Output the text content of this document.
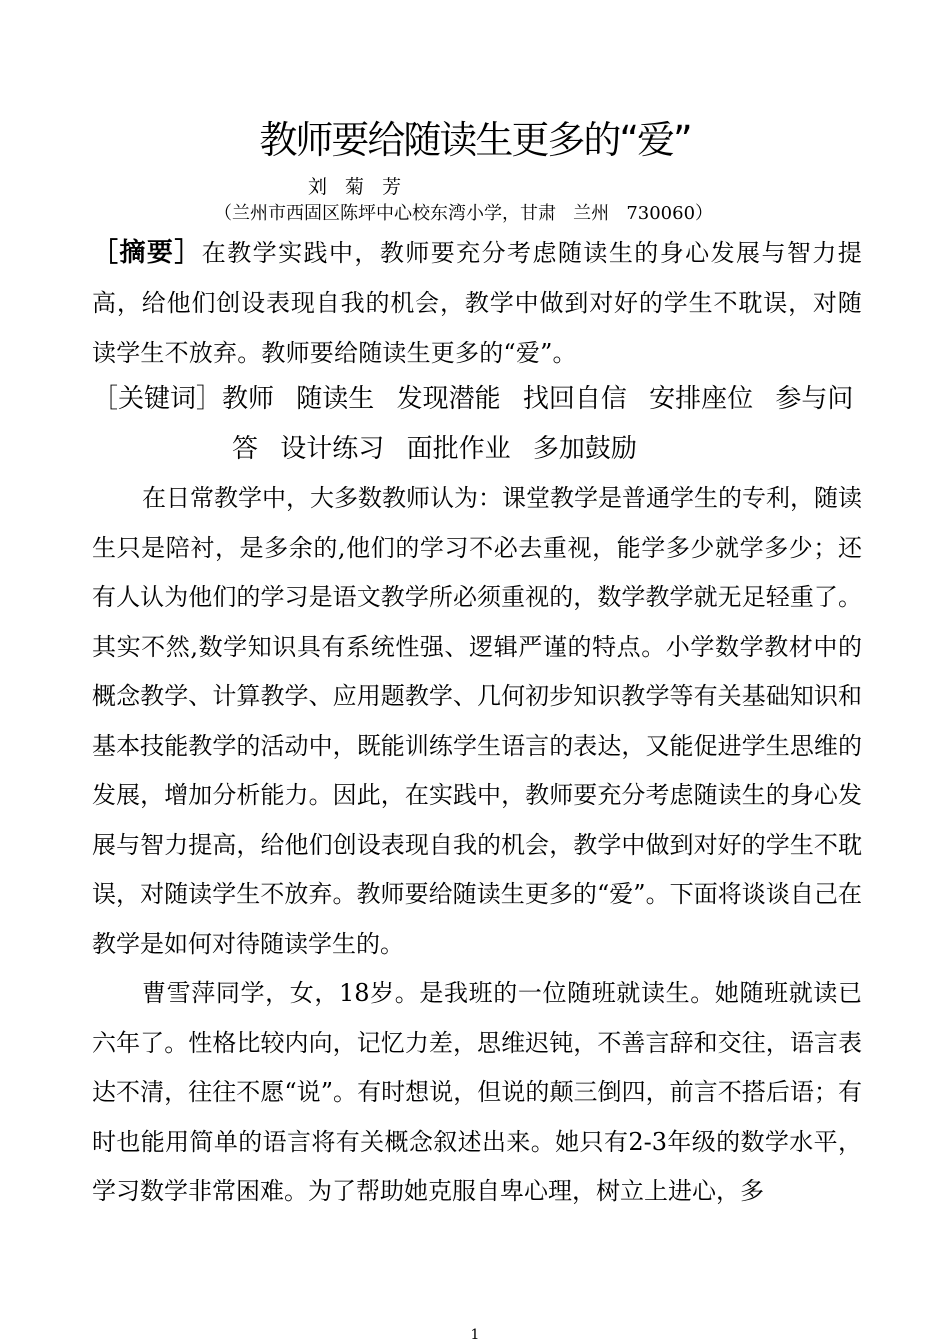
教师要给随读生更多的“爱”
刘 菊 芳
（兰州市西固区陈坪中心校东湾小学，甘肃   兰州   730060）
［摘要］在教学实践中，教师要充分考虑随读生的身心发展与智力提高，给他们创设表现自我的机会，教学中做到对好的学生不耽误，对随读学生不放弃。教师要给随读生更多的“爱”。
［关键词］教师 随读生 发现潜能 找回自信 安排座位 参与问
答 设计练习 面批作业 多加鼓励

在日常教学中，大多数教师认为：课堂教学是普通学生的专利，随读生只是陪衬，是多余的,他们的学习不必去重视，能学多少就学多少；还有人认为他们的学习是语文教学所必须重视的，数学教学就无足轻重了。其实不然,数学知识具有系统性强、逻辑严谨的特点。小学数学教材中的概念教学、计算教学、应用题教学、几何初步知识教学等有关基础知识和基本技能教学的活动中，既能训练学生语言的表达，又能促进学生思维的发展，增加分析能力。因此，在实践中，教师要充分考虑随读生的身心发展与智力提高，给他们创设表现自我的机会，教学中做到对好的学生不耽误，对随读学生不放弃。教师要给随读生更多的“爱”。下面将谈谈自己在教学是如何对待随读学生的。

曹雪萍同学，女，18岁。是我班的一位随班就读生。她随班就读已六年了。性格比较内向，记忆力差，思维迟钝，不善言辞和交往，语言表达不清，往往不愿“说”。有时想说，但说的颠三倒四，前言不搭后语；有时也能用简单的语言将有关概念叙述出来。她只有2-3年级的数学水平，学习数学非常困难。为了帮助她克服自卑心理，树立上进心，多

1
